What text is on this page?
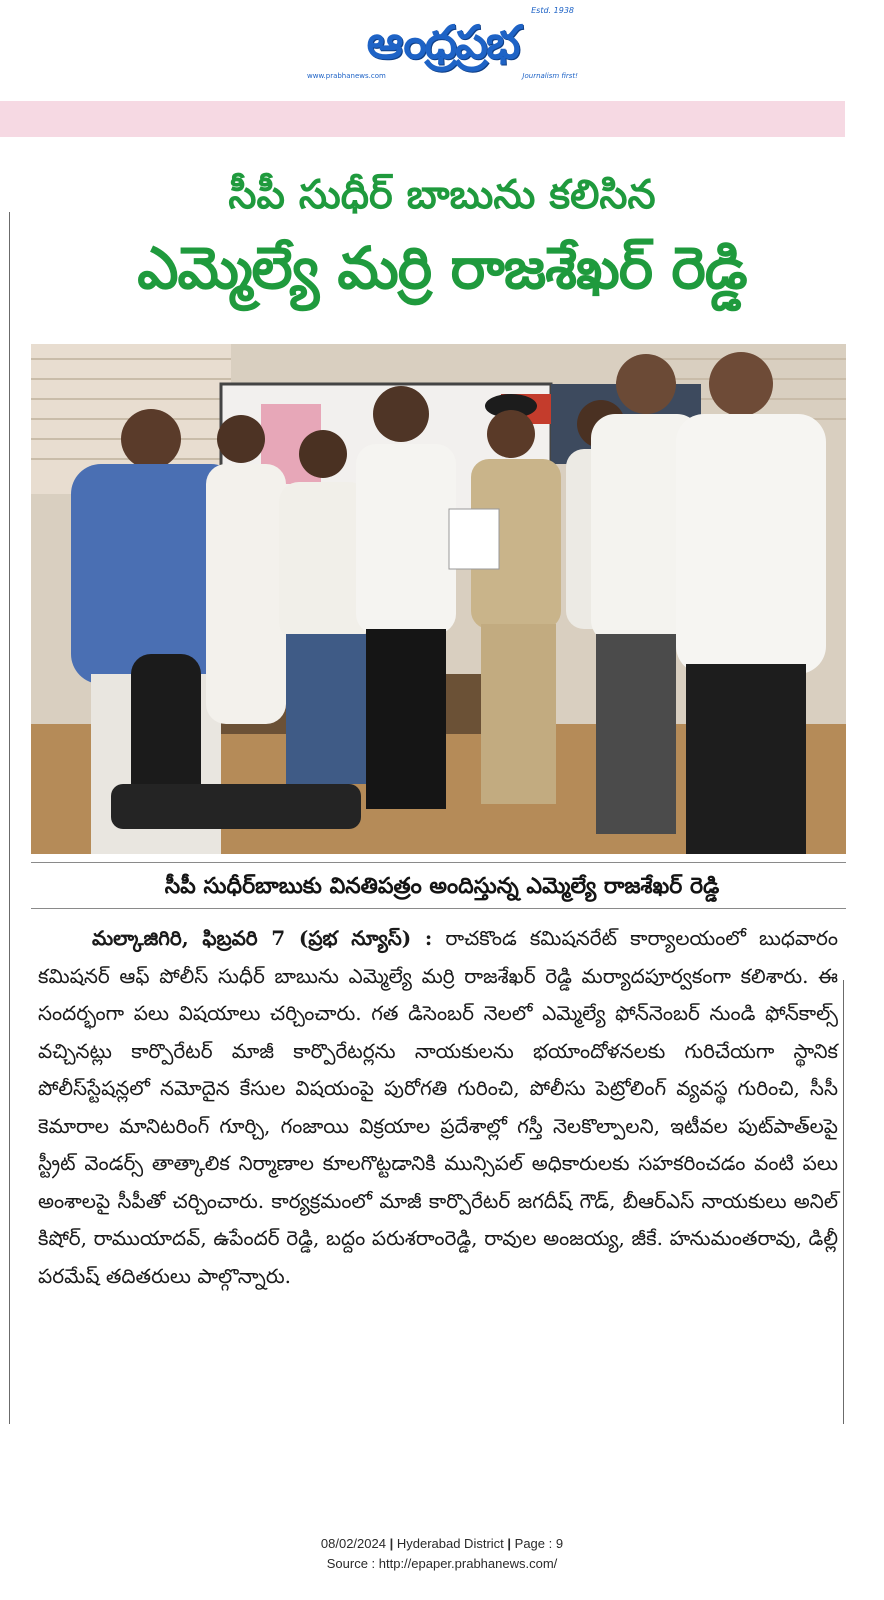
Estd. 1938
ఆంధ్రప్రభ
www.prabhanews.com	Journalism first!
సీపీ సుధీర్ బాబును కలిసిన
ఎమ్మెల్యే మర్రి రాజశేఖర్ రెడ్డి
సీపీ సుధీర్‌బాబుకు వినతిపత్రం అందిస్తున్న ఎమ్మెల్యే రాజశేఖర్ రెడ్డి
మల్కాజిగిరి, ఫిబ్రవరి 7 (ప్రభ న్యూస్) : రాచకొండ కమిషనరేట్ కార్యాలయంలో బుధవారం కమిషనర్ ఆఫ్ పోలీస్ సుధీర్ బాబును ఎమ్మెల్యే మర్రి రాజశేఖర్ రెడ్డి మర్యాదపూర్వకంగా కలిశారు. ఈ సందర్భంగా పలు విషయాలు చర్చించారు. గత డిసెంబర్ నెలలో ఎమ్మెల్యే ఫోన్‌నెంబర్ నుండి ఫోన్‌కాల్స్ వచ్చినట్లు కార్పొరేటర్ మాజీ కార్పొరేటర్లను నాయకులను భయాందోళనలకు గురిచేయగా స్థానిక పోలీస్‌స్టేషన్లలో నమోదైన కేసుల విషయంపై పురోగతి గురించి, పోలీసు పెట్రోలింగ్ వ్యవస్థ గురించి, సీసీ కెమారాల మానిటరింగ్ గూర్చి, గంజాయి విక్రయాల ప్రదేశాల్లో గస్తీ నెలకొల్పాలని, ఇటీవల పుట్‌పాత్‌లపై స్ట్రీట్ వెండర్స్ తాత్కాలిక నిర్మాణాల కూలగొట్టడానికి మున్సిపల్ అధికారులకు సహకరించడం వంటి పలు అంశాలపై సీపీతో చర్చించారు. కార్యక్రమంలో మాజీ కార్పొరేటర్ జగదీష్ గౌడ్, బీఆర్ఎస్ నాయకులు అనిల్ కిషోర్, రాముయాదవ్, ఉపేందర్ రెడ్డి, బద్దం పరుశరాంరెడ్డి, రావుల అంజయ్య, జీకే. హనుమంతరావు, డిల్లీ పరమేష్ తదితరులు పాల్గొన్నారు.
08/02/2024 | Hyderabad District | Page : 9
Source : http://epaper.prabhanews.com/
